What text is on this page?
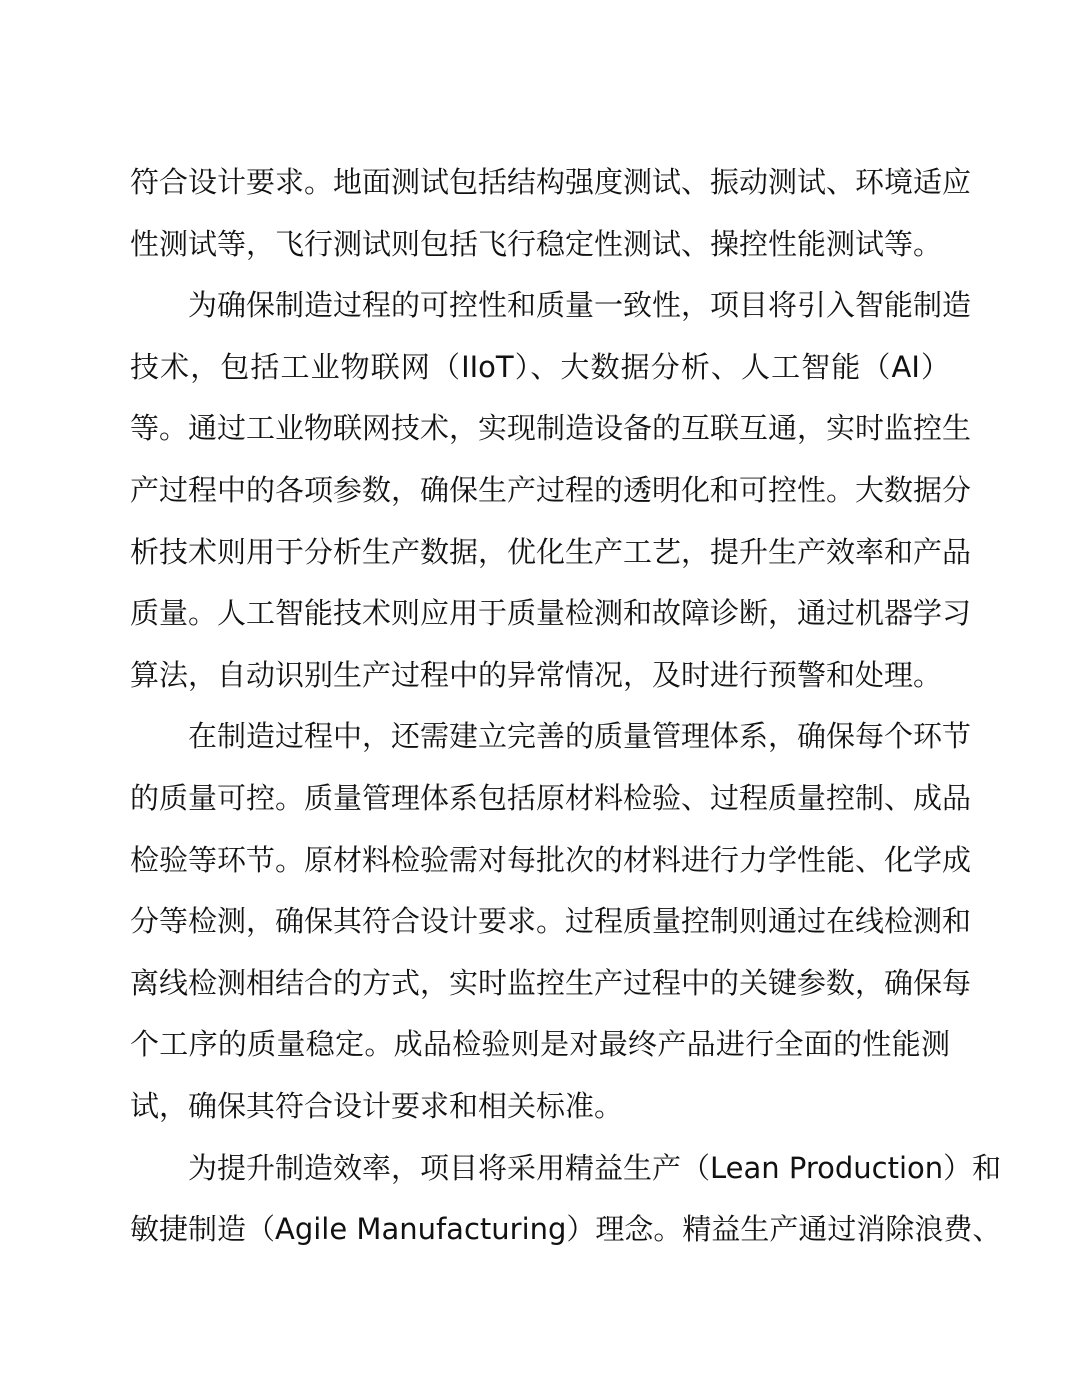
符合设计要求。地面测试包括结构强度测试、振动测试、环境适应
性测试等，飞行测试则包括飞行稳定性测试、操控性能测试等。
为确保制造过程的可控性和质量一致性，项目将引入智能制造
技术，包括工业物联网（IIoT）、大数据分析、人工智能（AI）
等。通过工业物联网技术，实现制造设备的互联互通，实时监控生
产过程中的各项参数，确保生产过程的透明化和可控性。大数据分
析技术则用于分析生产数据，优化生产工艺，提升生产效率和产品
质量。人工智能技术则应用于质量检测和故障诊断，通过机器学习
算法，自动识别生产过程中的异常情况，及时进行预警和处理。
在制造过程中，还需建立完善的质量管理体系，确保每个环节
的质量可控。质量管理体系包括原材料检验、过程质量控制、成品
检验等环节。原材料检验需对每批次的材料进行力学性能、化学成
分等检测，确保其符合设计要求。过程质量控制则通过在线检测和
离线检测相结合的方式，实时监控生产过程中的关键参数，确保每
个工序的质量稳定。成品检验则是对最终产品进行全面的性能测
试，确保其符合设计要求和相关标准。
为提升制造效率，项目将采用精益生产（Lean Production）和
敏捷制造（Agile Manufacturing）理念。精益生产通过消除浪费、
